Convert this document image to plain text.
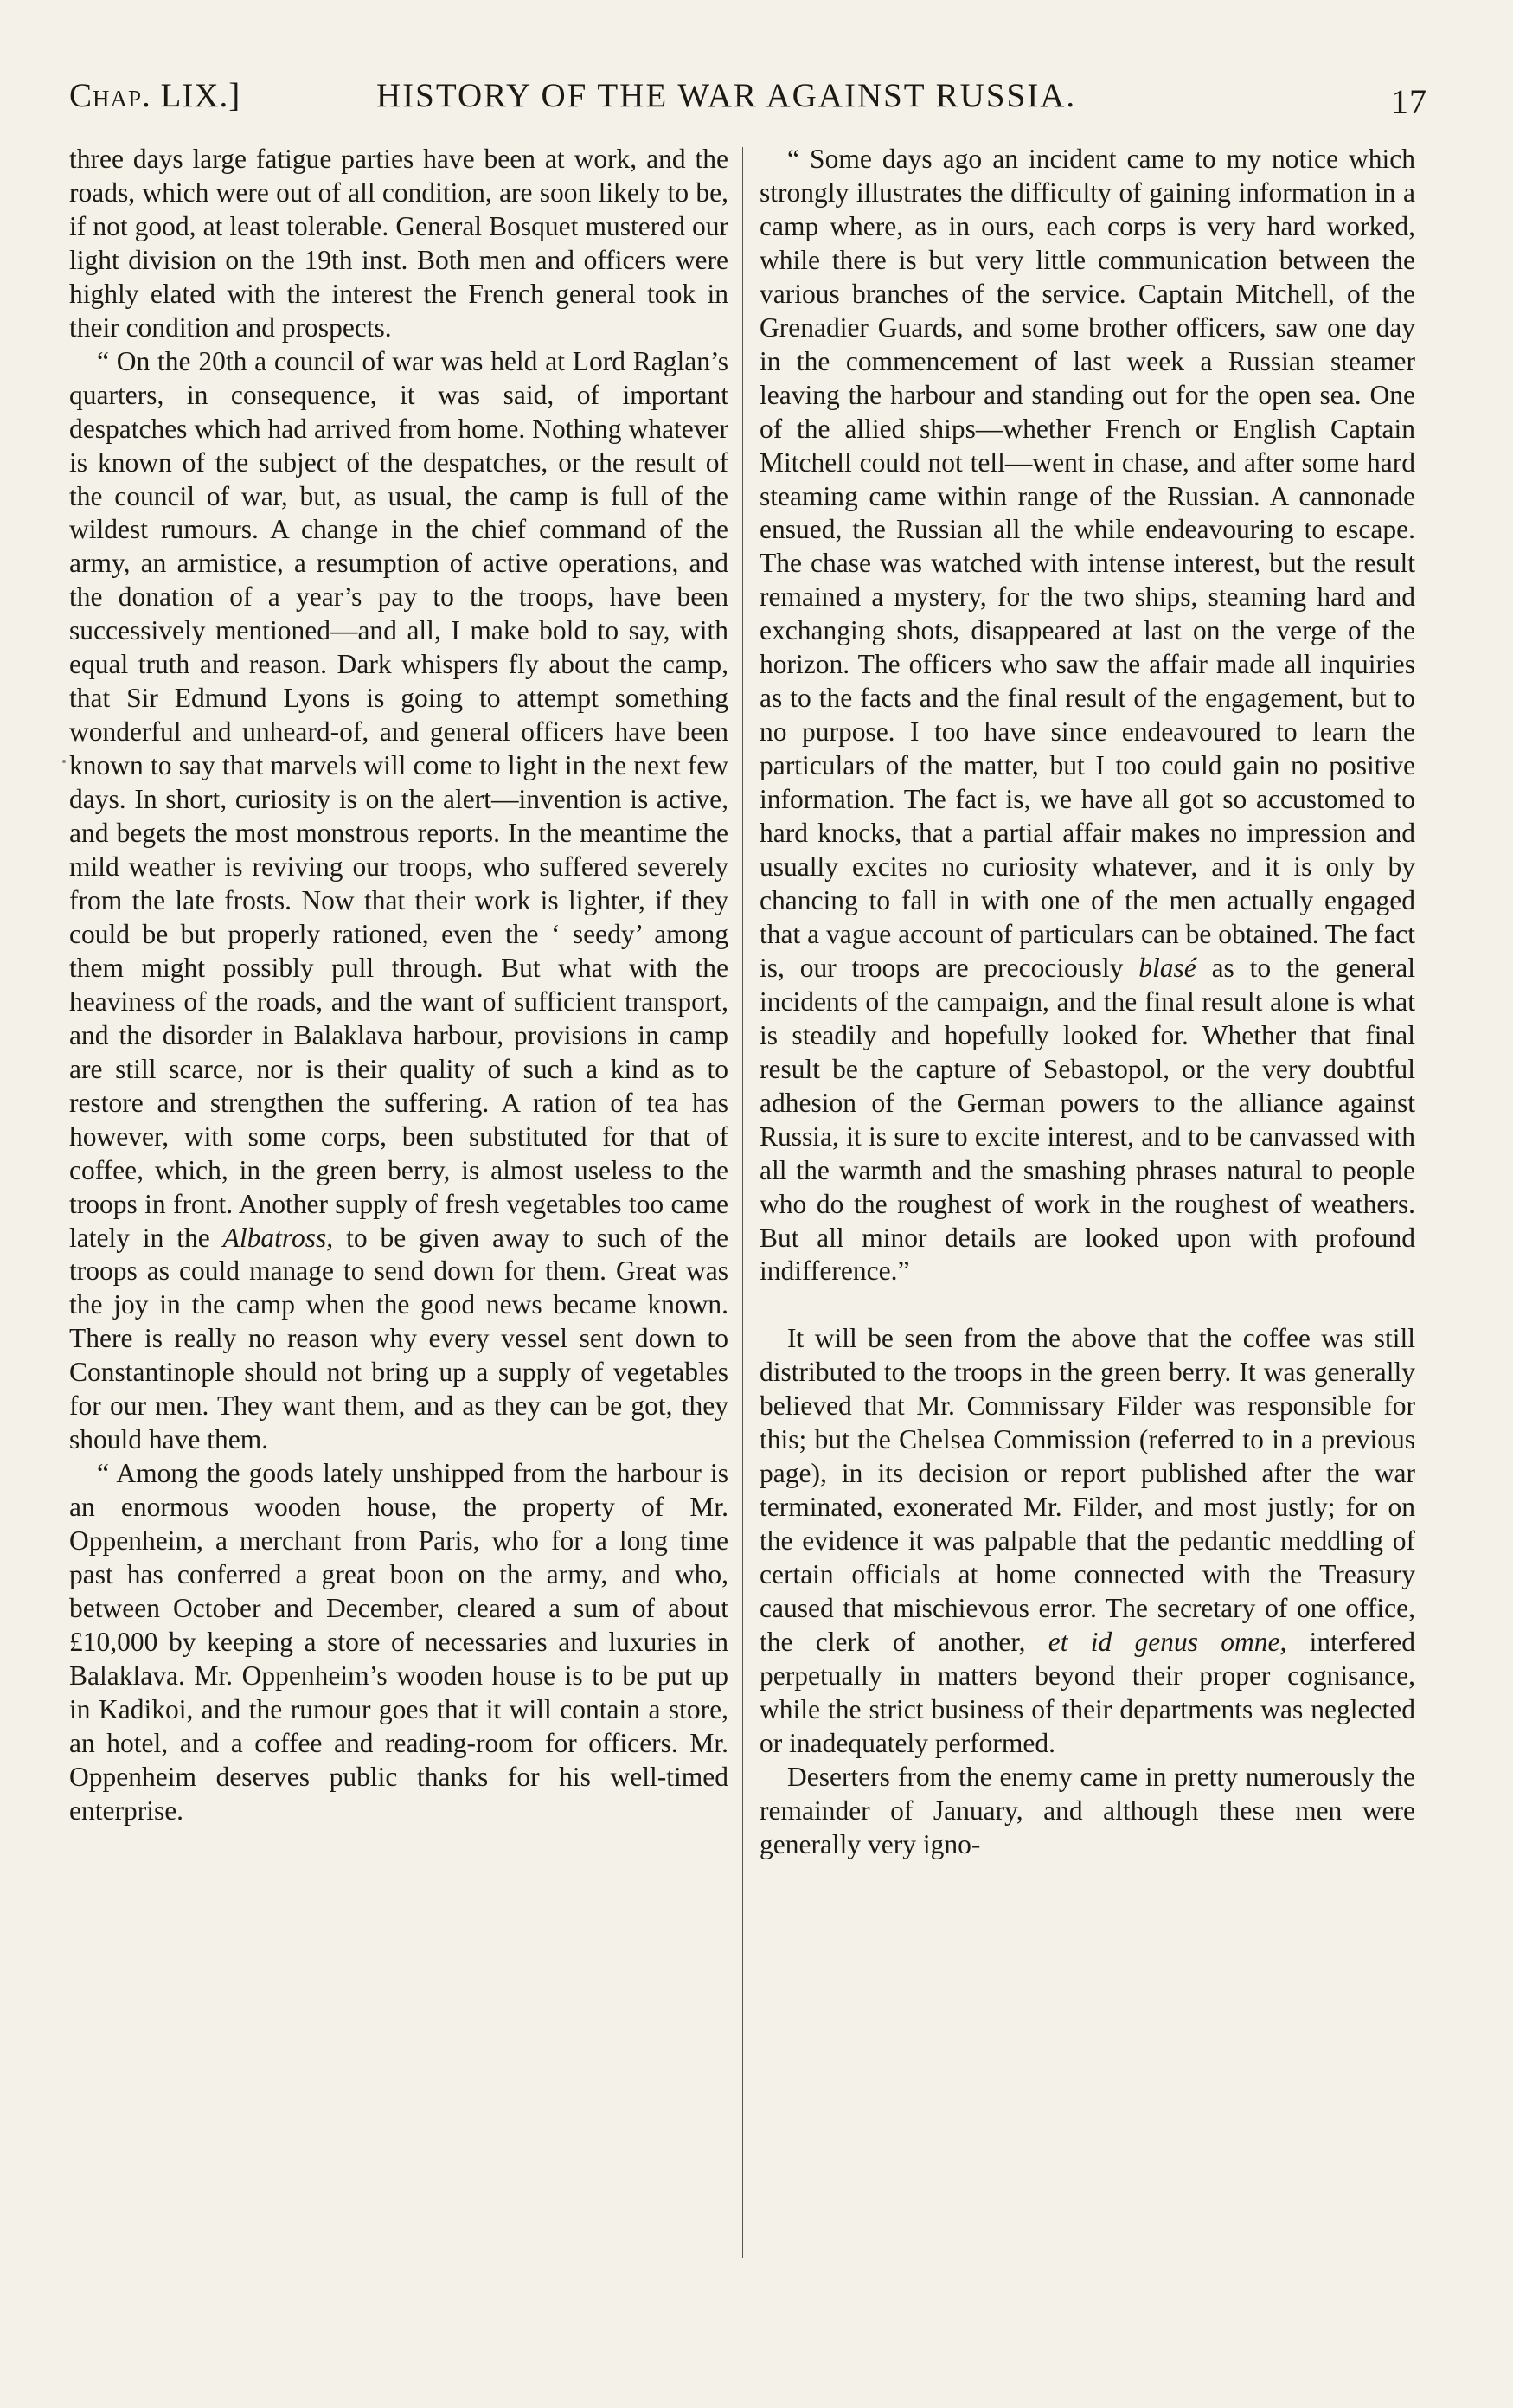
Chap. LIX.]	HISTORY OF THE WAR AGAINST RUSSIA.	17

three days large fatigue parties have been at work, and the roads, which were out of all condition, are soon likely to be, if not good, at least tolerable. General Bosquet mustered our light division on the 19th inst. Both men and officers were highly elated with the interest the French general took in their condition and prospects.

“ On the 20th a council of war was held at Lord Raglan’s quarters, in consequence, it was said, of important despatches which had arrived from home. Nothing whatever is known of the subject of the despatches, or the result of the council of war, but, as usual, the camp is full of the wildest rumours. A change in the chief command of the army, an armistice, a resumption of active operations, and the donation of a year’s pay to the troops, have been successively mentioned—and all, I make bold to say, with equal truth and reason. Dark whispers fly about the camp, that Sir Edmund Lyons is going to attempt something wonderful and unheard-of, and general officers have been known to say that marvels will come to light in the next few days. In short, curiosity is on the alert—invention is active, and begets the most monstrous reports. In the meantime the mild weather is reviving our troops, who suffered severely from the late frosts. Now that their work is lighter, if they could be but properly rationed, even the ‘ seedy’ among them might possibly pull through. But what with the heaviness of the roads, and the want of sufficient transport, and the disorder in Balaklava harbour, provisions in camp are still scarce, nor is their quality of such a kind as to restore and strengthen the suffering. A ration of tea has however, with some corps, been substituted for that of coffee, which, in the green berry, is almost useless to the troops in front. Another supply of fresh vegetables too came lately in the Albatross, to be given away to such of the troops as could manage to send down for them. Great was the joy in the camp when the good news became known. There is really no reason why every vessel sent down to Constantinople should not bring up a supply of vegetables for our men. They want them, and as they can be got, they should have them.

“ Among the goods lately unshipped from the harbour is an enormous wooden house, the property of Mr. Oppenheim, a merchant from Paris, who for a long time past has conferred a great boon on the army, and who, between October and December, cleared a sum of about £10,000 by keeping a store of necessaries and luxuries in Balaklava. Mr. Oppenheim’s wooden house is to be put up in Kadikoi, and the rumour goes that it will contain a store, an hotel, and a coffee and reading-room for officers. Mr. Oppenheim deserves public thanks for his well-timed enterprise.

“ Some days ago an incident came to my notice which strongly illustrates the difficulty of gaining information in a camp where, as in ours, each corps is very hard worked, while there is but very little communication between the various branches of the service. Captain Mitchell, of the Grenadier Guards, and some brother officers, saw one day in the commencement of last week a Russian steamer leaving the harbour and standing out for the open sea. One of the allied ships—whether French or English Captain Mitchell could not tell—went in chase, and after some hard steaming came within range of the Russian. A cannonade ensued, the Russian all the while endeavouring to escape. The chase was watched with intense interest, but the result remained a mystery, for the two ships, steaming hard and exchanging shots, disappeared at last on the verge of the horizon. The officers who saw the affair made all inquiries as to the facts and the final result of the engagement, but to no purpose. I too have since endeavoured to learn the particulars of the matter, but I too could gain no positive information. The fact is, we have all got so accustomed to hard knocks, that a partial affair makes no impression and usually excites no curiosity whatever, and it is only by chancing to fall in with one of the men actually engaged that a vague account of particulars can be obtained. The fact is, our troops are precociously blasé as to the general incidents of the campaign, and the final result alone is what is steadily and hopefully looked for. Whether that final result be the capture of Sebastopol, or the very doubtful adhesion of the German powers to the alliance against Russia, it is sure to excite interest, and to be canvassed with all the warmth and the smashing phrases natural to people who do the roughest of work in the roughest of weathers. But all minor details are looked upon with profound indifference.”

It will be seen from the above that the coffee was still distributed to the troops in the green berry. It was generally believed that Mr. Commissary Filder was responsible for this; but the Chelsea Commission (referred to in a previous page), in its decision or report published after the war terminated, exonerated Mr. Filder, and most justly; for on the evidence it was palpable that the pedantic meddling of certain officials at home connected with the Treasury caused that mischievous error. The secretary of one office, the clerk of another, et id genus omne, interfered perpetually in matters beyond their proper cognisance, while the strict business of their departments was neglected or inadequately performed.

Deserters from the enemy came in pretty numerously the remainder of January, and although these men were generally very igno-
